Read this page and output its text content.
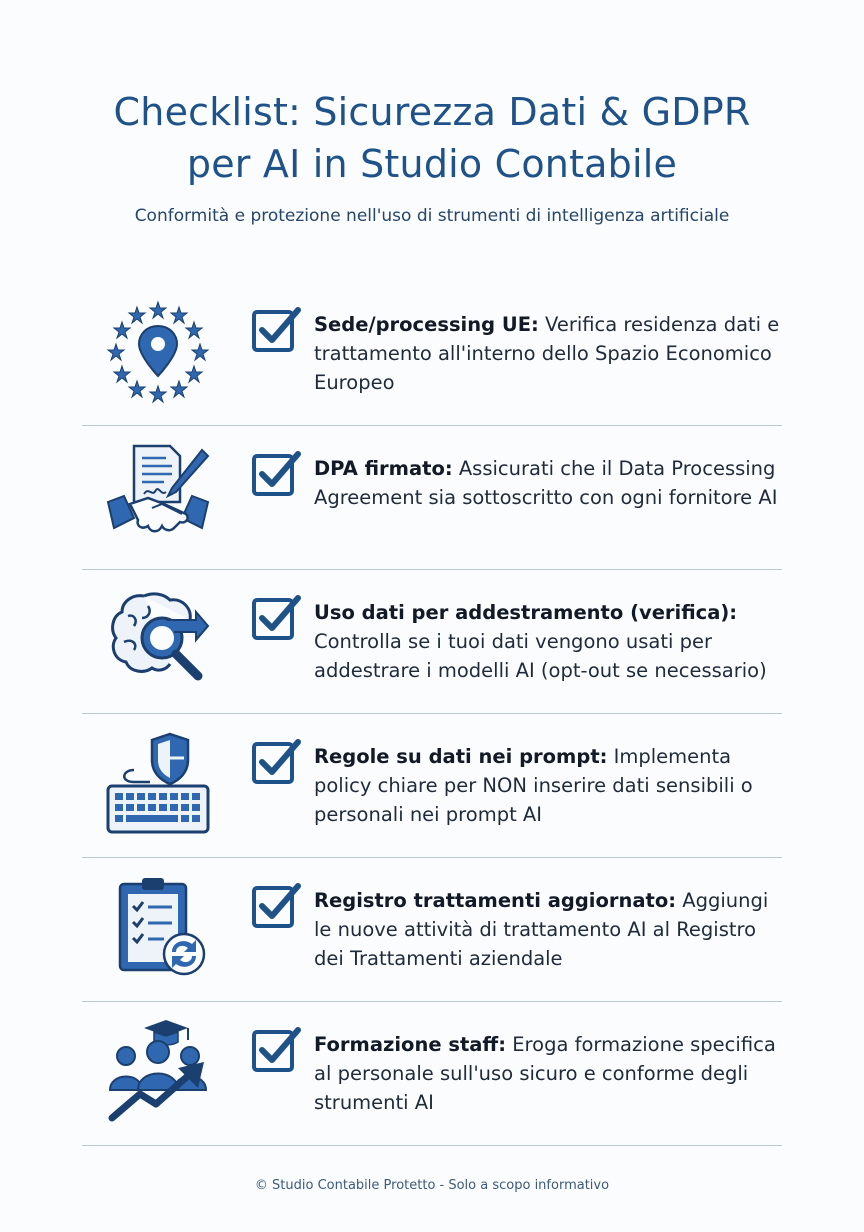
Checklist: Sicurezza Dati & GDPR
per AI in Studio Contabile
Conformità e protezione nell'uso di strumenti di intelligenza artificiale
Sede/processing UE: Verifica residenza dati e trattamento all'interno dello Spazio Economico Europeo
DPA firmato: Assicurati che il Data Processing Agreement sia sottoscritto con ogni fornitore AI
Uso dati per addestramento (verifica): Controlla se i tuoi dati vengono usati per addestrare i modelli AI (opt-out se necessario)
Regole su dati nei prompt: Implementa policy chiare per NON inserire dati sensibili o personali nei prompt AI
Registro trattamenti aggiornato: Aggiungi le nuove attività di trattamento AI al Registro dei Trattamenti aziendale
Formazione staff: Eroga formazione specifica al personale sull'uso sicuro e conforme degli strumenti AI
© Studio Contabile Protetto - Solo a scopo informativo
